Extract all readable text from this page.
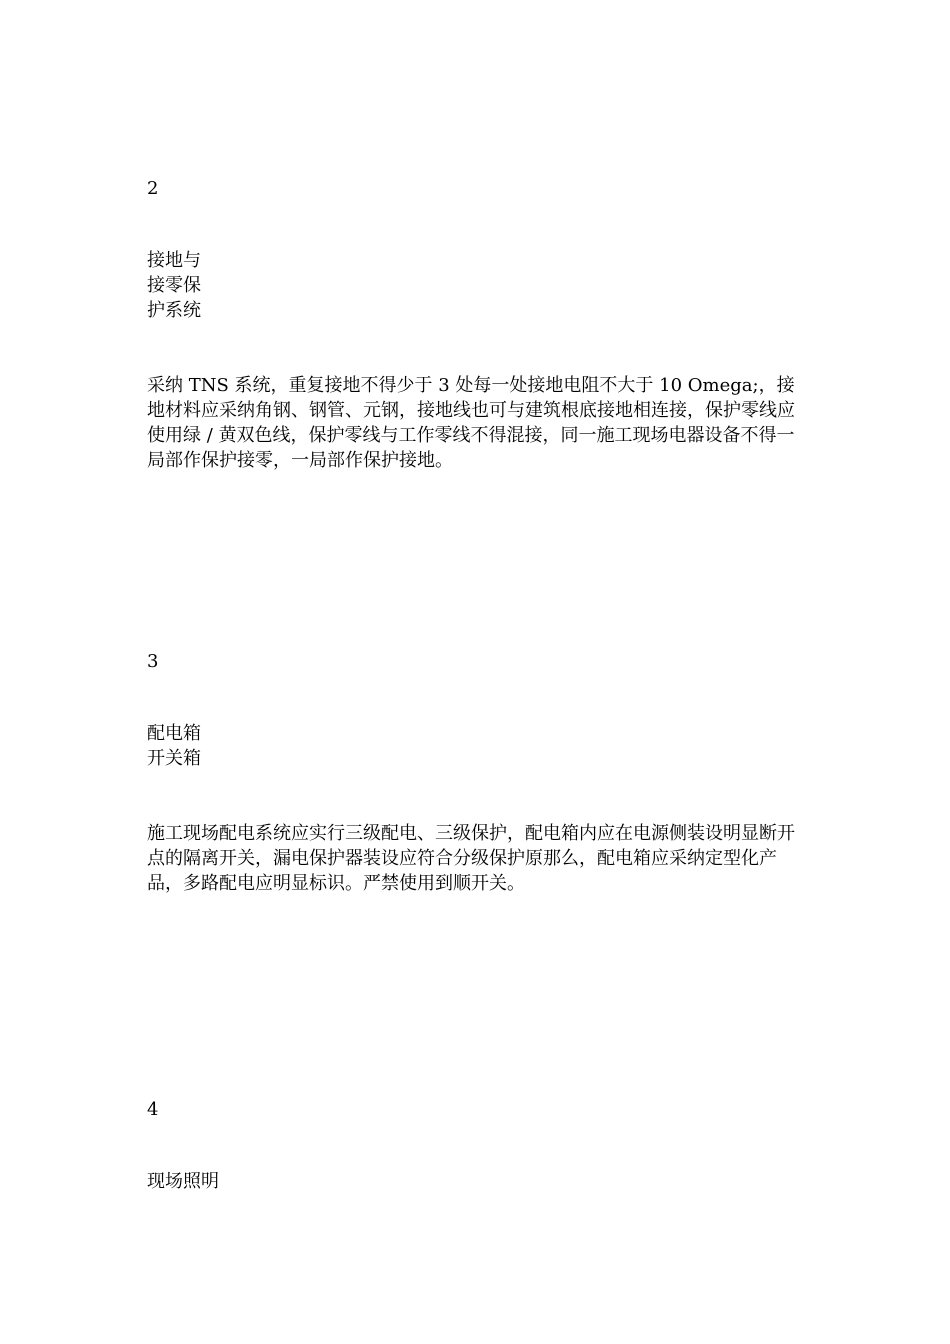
2

接地与
接零保
护系统

采纳 TNS 系统，重复接地不得少于 3 处每一处接地电阻不大于 10 Omega;，接地材料应采纳角钢、钢管、元钢，接地线也可与建筑根底接地相连接，保护零线应使用绿 / 黄双色线，保护零线与工作零线不得混接，同一施工现场电器设备不得一局部作保护接零，一局部作保护接地。

3

配电箱
开关箱

施工现场配电系统应实行三级配电、三级保护，配电箱内应在电源侧装设明显断开点的隔离开关，漏电保护器装设应符合分级保护原那么，配电箱应采纳定型化产品，多路配电应明显标识。严禁使用到顺开关。

4

现场照明
